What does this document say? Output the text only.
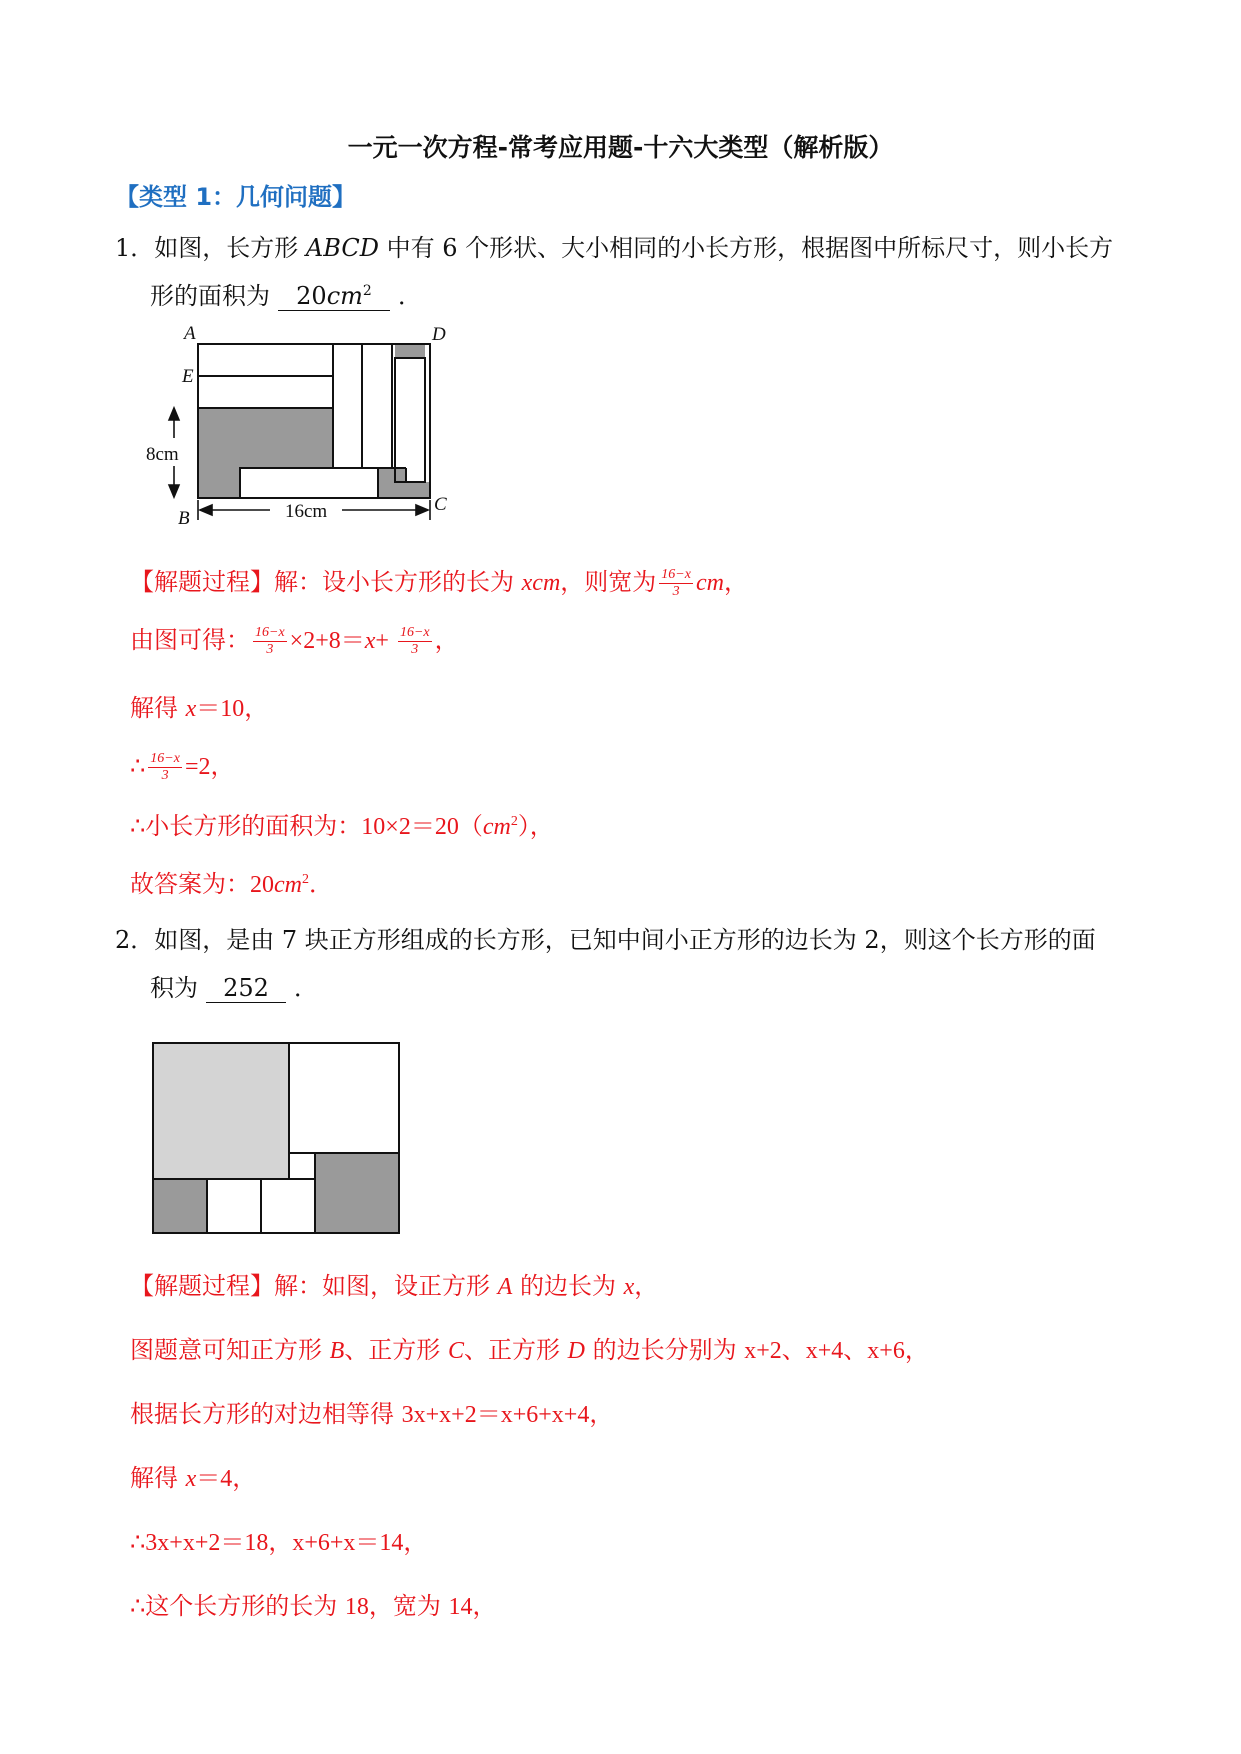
一元一次方程-常考应用题-十六大类型（解析版）
【类型 1：几何问题】
1．如图，长方形 ABCD 中有 6 个形状、大小相同的小长方形，根据图中所标尺寸，则小长方
形的面积为 $20cm^2$ ．
A	D
E
B
C
8cm
16cm
【解题过程】解：设小长方形的长为 xcm，则宽为 $\frac{16-x}{3}$ cm，
由图可得： $\frac{16-x}{3} \times 2+8=x+ \frac{16-x}{3}$ ，
解得 x＝10，
∴ $\frac{16-x}{3} =2$，
∴小长方形的面积为：$10\times 2=20(cm^2)$，
故答案为：$20cm^2$．
2．如图，是由 7 块正方形组成的长方形，已知中间小正方形的边长为 2，则这个长方形的面
积为 252 ．
【解题过程】解：如图，设正方形 A 的边长为 x，
图题意可知正方形 B、正方形 C、正方形 D 的边长分别为 x+2、x+4、x+6，
根据长方形的对边相等得 3x+x+2＝x+6+x+4，
解得 x＝4，
∴3x+x+2＝18，x+6+x＝14，
∴这个长方形的长为 18，宽为 14，
